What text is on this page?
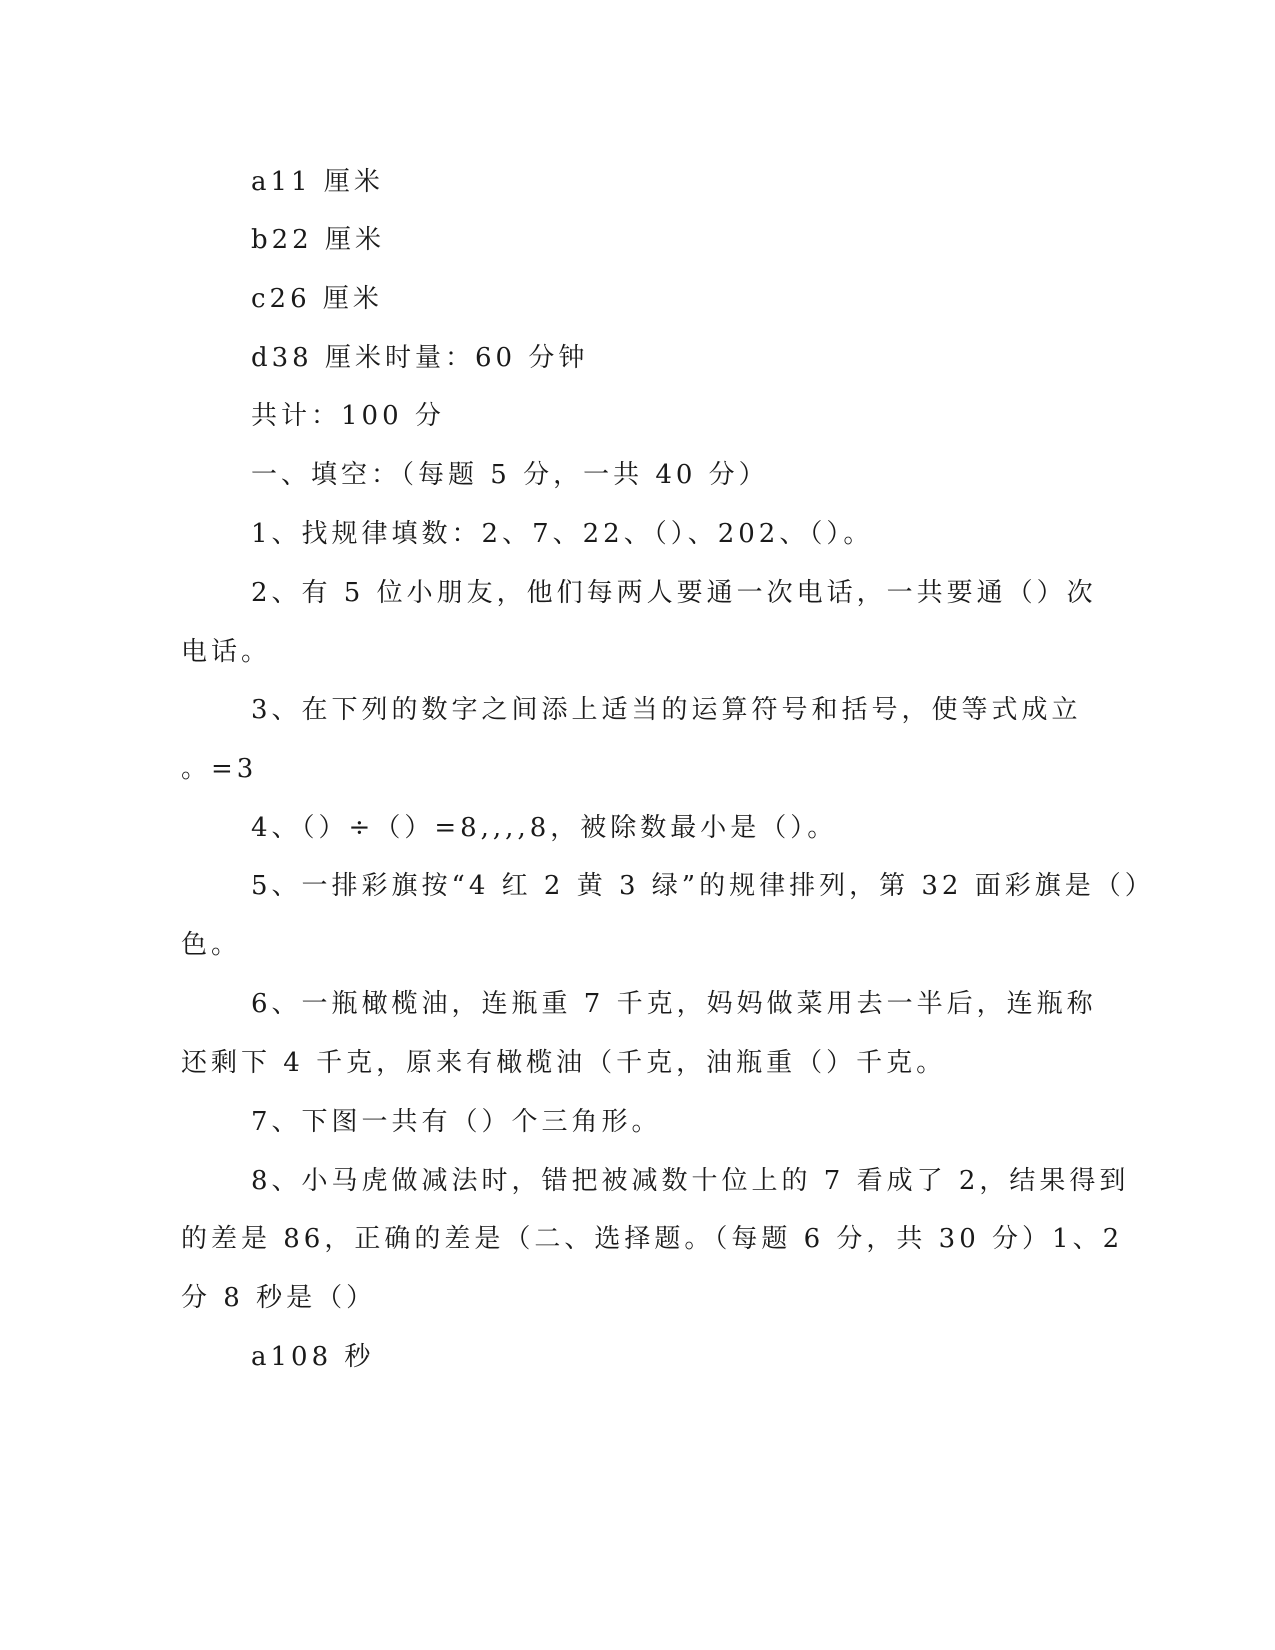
a11 厘米
b22 厘米
c26 厘米
d38 厘米时量：60 分钟
共计：100 分
一、填空：（每题 5 分，一共 40 分）
1、找规律填数：2、7、22、（）、202、（）。
2、有 5 位小朋友，他们每两人要通一次电话，一共要通（）次
电话。
3、在下列的数字之间添上适当的运算符号和括号，使等式成立
。=3
4、（）÷（）=8,,,,8，被除数最小是（）。
5、一排彩旗按“4 红 2 黄 3 绿”的规律排列，第 32 面彩旗是（）
色。
6、一瓶橄榄油，连瓶重 7 千克，妈妈做菜用去一半后，连瓶称
还剩下 4 千克，原来有橄榄油（千克，油瓶重（）千克。
7、下图一共有（）个三角形。
8、小马虎做减法时，错把被减数十位上的 7 看成了 2，结果得到
的差是 86，正确的差是（二、选择题。（每题 6 分，共 30 分）1、2
分 8 秒是（）
a108 秒
